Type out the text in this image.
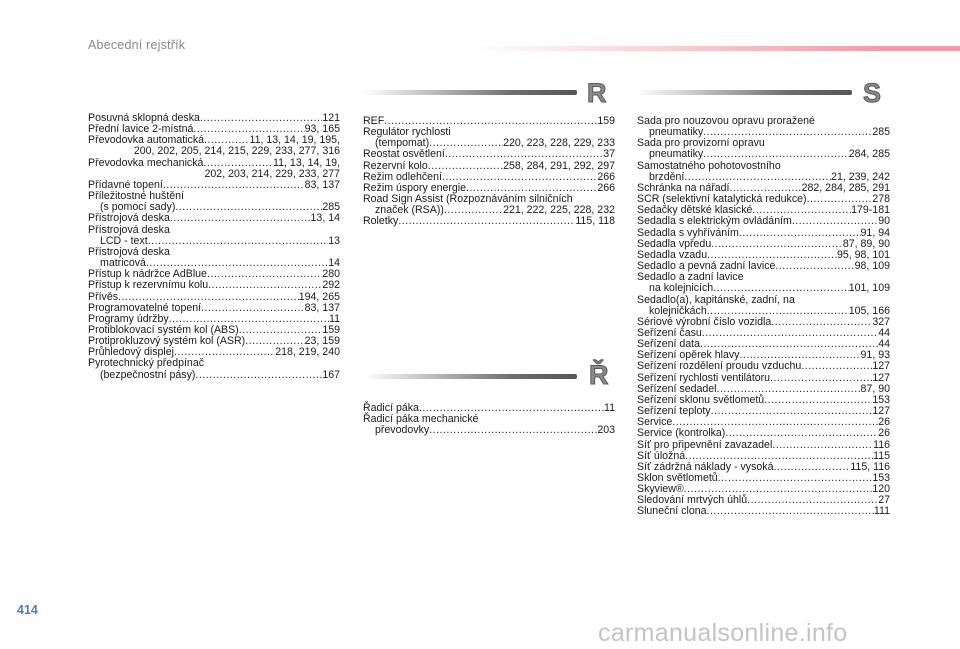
Abecední rejstřík
R
Ř
S
Posuvná sklopná deska .....	121
Přední lavice 2-místná .....	93, 165
Převodovka automatická .....	11, 13, 14, 19, 195,
200, 202, 205, 214, 215, 229, 233, 277, 316
Převodovka mechanická .....	11, 13, 14, 19,
202, 203, 214, 229, 233, 277
Přídavné topení .....	83, 137
Příležitostné huštění
(s pomocí sady) .....	285
Přístrojová deska .....	13, 14
Přístrojová deska
LCD - text .....	13
Přístrojová deska
matricová .....	14
Přístup k nádržce AdBlue .....	280
Přístup k rezervnímu kolu .....	292
Přívěs .....	194, 265
Programovatelné topení .....	83, 137
Programy údržby .....	11
Protiblokovací systém kol (ABS) .....	159
Protiprokluzový systém kol (ASR) .....	23, 159
Průhledový displej .....	218, 219, 240
Pyrotechnický předpínač
(bezpečnostní pásy) .....	167
REF .....	159
Regulátor rychlosti
(tempomat) .....	220, 223, 228, 229, 233
Reostat osvětlení .....	37
Rezervní kolo .....	258, 284, 291, 292, 297
Režim odlehčení .....	266
Režim úspory energie .....	266
Road Sign Assist (Rozpoznáváním silničních
značek (RSA)) .....	221, 222, 225, 228, 232
Roletky .....	115, 118
Řadicí páka .....	11
Řadicí páka mechanické
převodovky .....	203
Sada pro nouzovou opravu proražené
pneumatiky .....	285
Sada pro provizorní opravu
pneumatiky .....	284, 285
Samostatného pohotovostního
brzdění .....	21, 239, 242
Schránka na nářadí .....	282, 284, 285, 291
SCR (selektivní katalytická redukce) .....	278
Sedačky dětské klasické .....	179-181
Sedadla s elektrickým ovládáním .....	90
Sedadla s vyhříváním .....	91, 94
Sedadla vpředu .....	87, 89, 90
Sedadla vzadu .....	95, 98, 101
Sedadlo a pevná zadní lavice .....	98, 109
Sedadlo a zadní lavice
na kolejnicích .....	101, 109
Sedadlo(a), kapitánské, zadní, na
kolejničkách .....	105, 166
Sériové výrobní číslo vozidla .....	327
Seřízení času .....	44
Seřízení data .....	44
Seřízení opěrek hlavy .....	91, 93
Seřízení rozdělení proudu vzduchu .....	127
Seřízení rychlosti ventilátoru .....	127
Seřízení sedadel .....	87, 90
Seřízení sklonu světlometů .....	153
Seřízení teploty .....	127
Service .....	26
Service (kontrolka) .....	26
Síť pro připevnění zavazadel .....	116
Síť úložná .....	115
Síť zádržná náklady - vysoká .....	115, 116
Sklon světlometů .....	153
Skyview® .....	120
Sledování mrtvých úhlů .....	27
Sluneční clona .....	111
414
carmanualsonline.info
